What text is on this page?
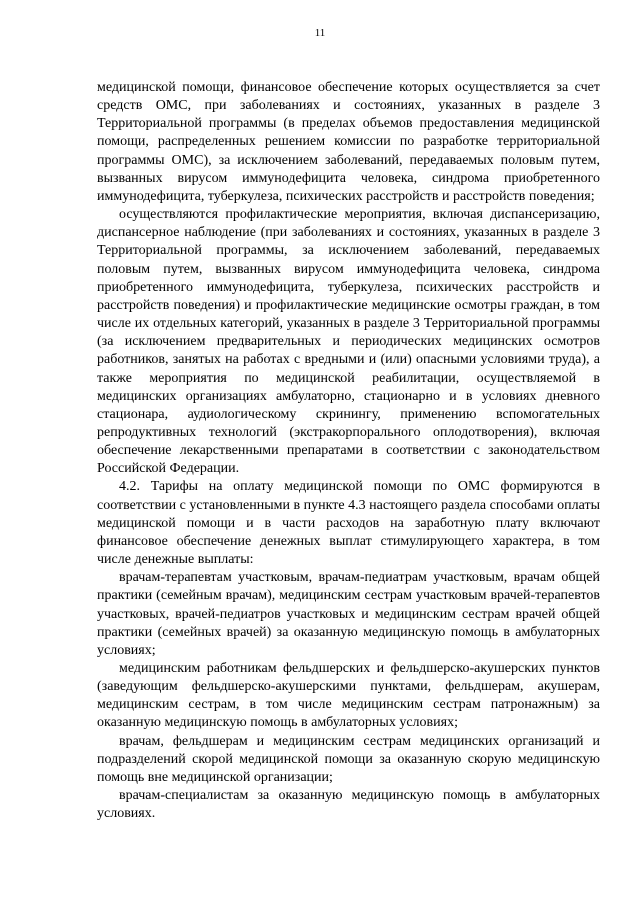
11

медицинской помощи, финансовое обеспечение которых осуществляется за счет средств ОМС, при заболеваниях и состояниях, указанных в разделе 3 Территориальной программы (в пределах объемов предоставления медицинской помощи, распределенных решением комиссии по разработке территориальной программы ОМС), за исключением заболеваний, передаваемых половым путем, вызванных вирусом иммунодефицита человека, синдрома приобретенного иммунодефицита, туберкулеза, психических расстройств и расстройств поведения;

осуществляются профилактические мероприятия, включая диспансеризацию, диспансерное наблюдение (при заболеваниях и состояниях, указанных в разделе 3 Территориальной программы, за исключением заболеваний, передаваемых половым путем, вызванных вирусом иммунодефицита человека, синдрома приобретенного иммунодефицита, туберкулеза, психических расстройств и расстройств поведения) и профилактические медицинские осмотры граждан, в том числе их отдельных категорий, указанных в разделе 3 Территориальной программы (за исключением предварительных и периодических медицинских осмотров работников, занятых на работах с вредными и (или) опасными условиями труда), а также мероприятия по медицинской реабилитации, осуществляемой в медицинских организациях амбулаторно, стационарно и в условиях дневного стационара, аудиологическому скринингу, применению вспомогательных репродуктивных технологий (экстракорпорального оплодотворения), включая обеспечение лекарственными препаратами в соответствии с законодательством Российской Федерации.

4.2. Тарифы на оплату медицинской помощи по ОМС формируются в соответствии с установленными в пункте 4.3 настоящего раздела способами оплаты медицинской помощи и в части расходов на заработную плату включают финансовое обеспечение денежных выплат стимулирующего характера, в том числе денежные выплаты:

врачам-терапевтам участковым, врачам-педиатрам участковым, врачам общей практики (семейным врачам), медицинским сестрам участковым врачей-терапевтов участковых, врачей-педиатров участковых и медицинским сестрам врачей общей практики (семейных врачей) за оказанную медицинскую помощь в амбулаторных условиях;

медицинским работникам фельдшерских и фельдшерско-акушерских пунктов (заведующим фельдшерско-акушерскими пунктами, фельдшерам, акушерам, медицинским сестрам, в том числе медицинским сестрам патронажным) за оказанную медицинскую помощь в амбулаторных условиях;

врачам, фельдшерам и медицинским сестрам медицинских организаций и подразделений скорой медицинской помощи за оказанную скорую медицинскую помощь вне медицинской организации;

врачам-специалистам за оказанную медицинскую помощь в амбулаторных условиях.
